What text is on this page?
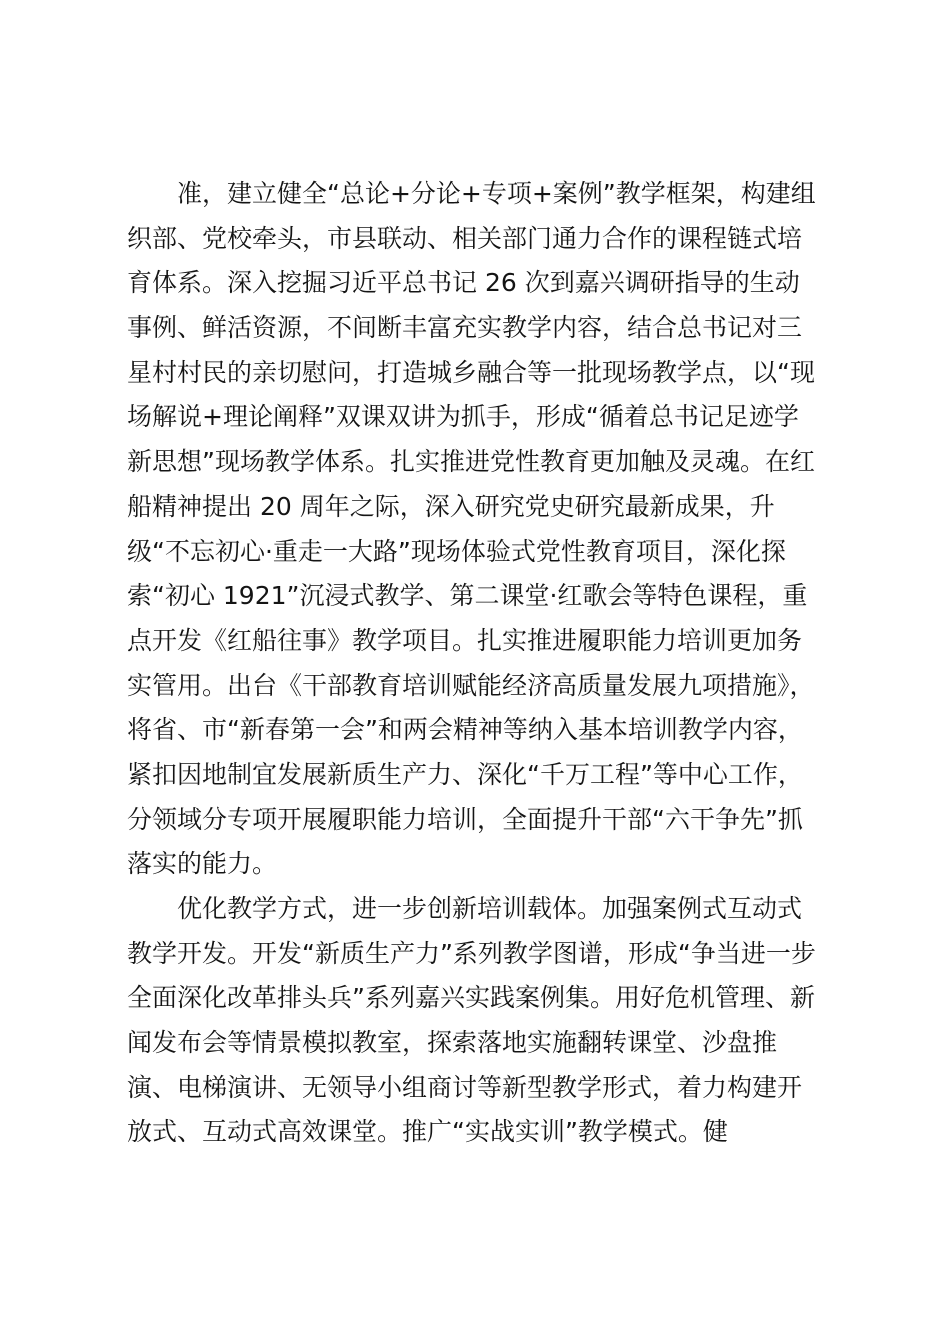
准，建立健全“总论+分论+专项+案例”教学框架，构建组
织部、党校牵头，市县联动、相关部门通力合作的课程链式培
育体系。深入挖掘习近平总书记 26 次到嘉兴调研指导的生动
事例、鲜活资源，不间断丰富充实教学内容，结合总书记对三
星村村民的亲切慰问，打造城乡融合等一批现场教学点，以“现
场解说+理论阐释”双课双讲为抓手，形成“循着总书记足迹学
新思想”现场教学体系。扎实推进党性教育更加触及灵魂。在红
船精神提出 20 周年之际，深入研究党史研究最新成果，升
级“不忘初心·重走一大路”现场体验式党性教育项目，深化探
索“初心 1921”沉浸式教学、第二课堂·红歌会等特色课程，重
点开发《红船往事》教学项目。扎实推进履职能力培训更加务
实管用。出台《干部教育培训赋能经济高质量发展九项措施》，
将省、市“新春第一会”和两会精神等纳入基本培训教学内容，
紧扣因地制宜发展新质生产力、深化“千万工程”等中心工作，
分领域分专项开展履职能力培训，全面提升干部“六干争先”抓
落实的能力。
优化教学方式，进一步创新培训载体。加强案例式互动式
教学开发。开发“新质生产力”系列教学图谱，形成“争当进一步
全面深化改革排头兵”系列嘉兴实践案例集。用好危机管理、新
闻发布会等情景模拟教室，探索落地实施翻转课堂、沙盘推
演、电梯演讲、无领导小组商讨等新型教学形式，着力构建开
放式、互动式高效课堂。推广“实战实训”教学模式。健
